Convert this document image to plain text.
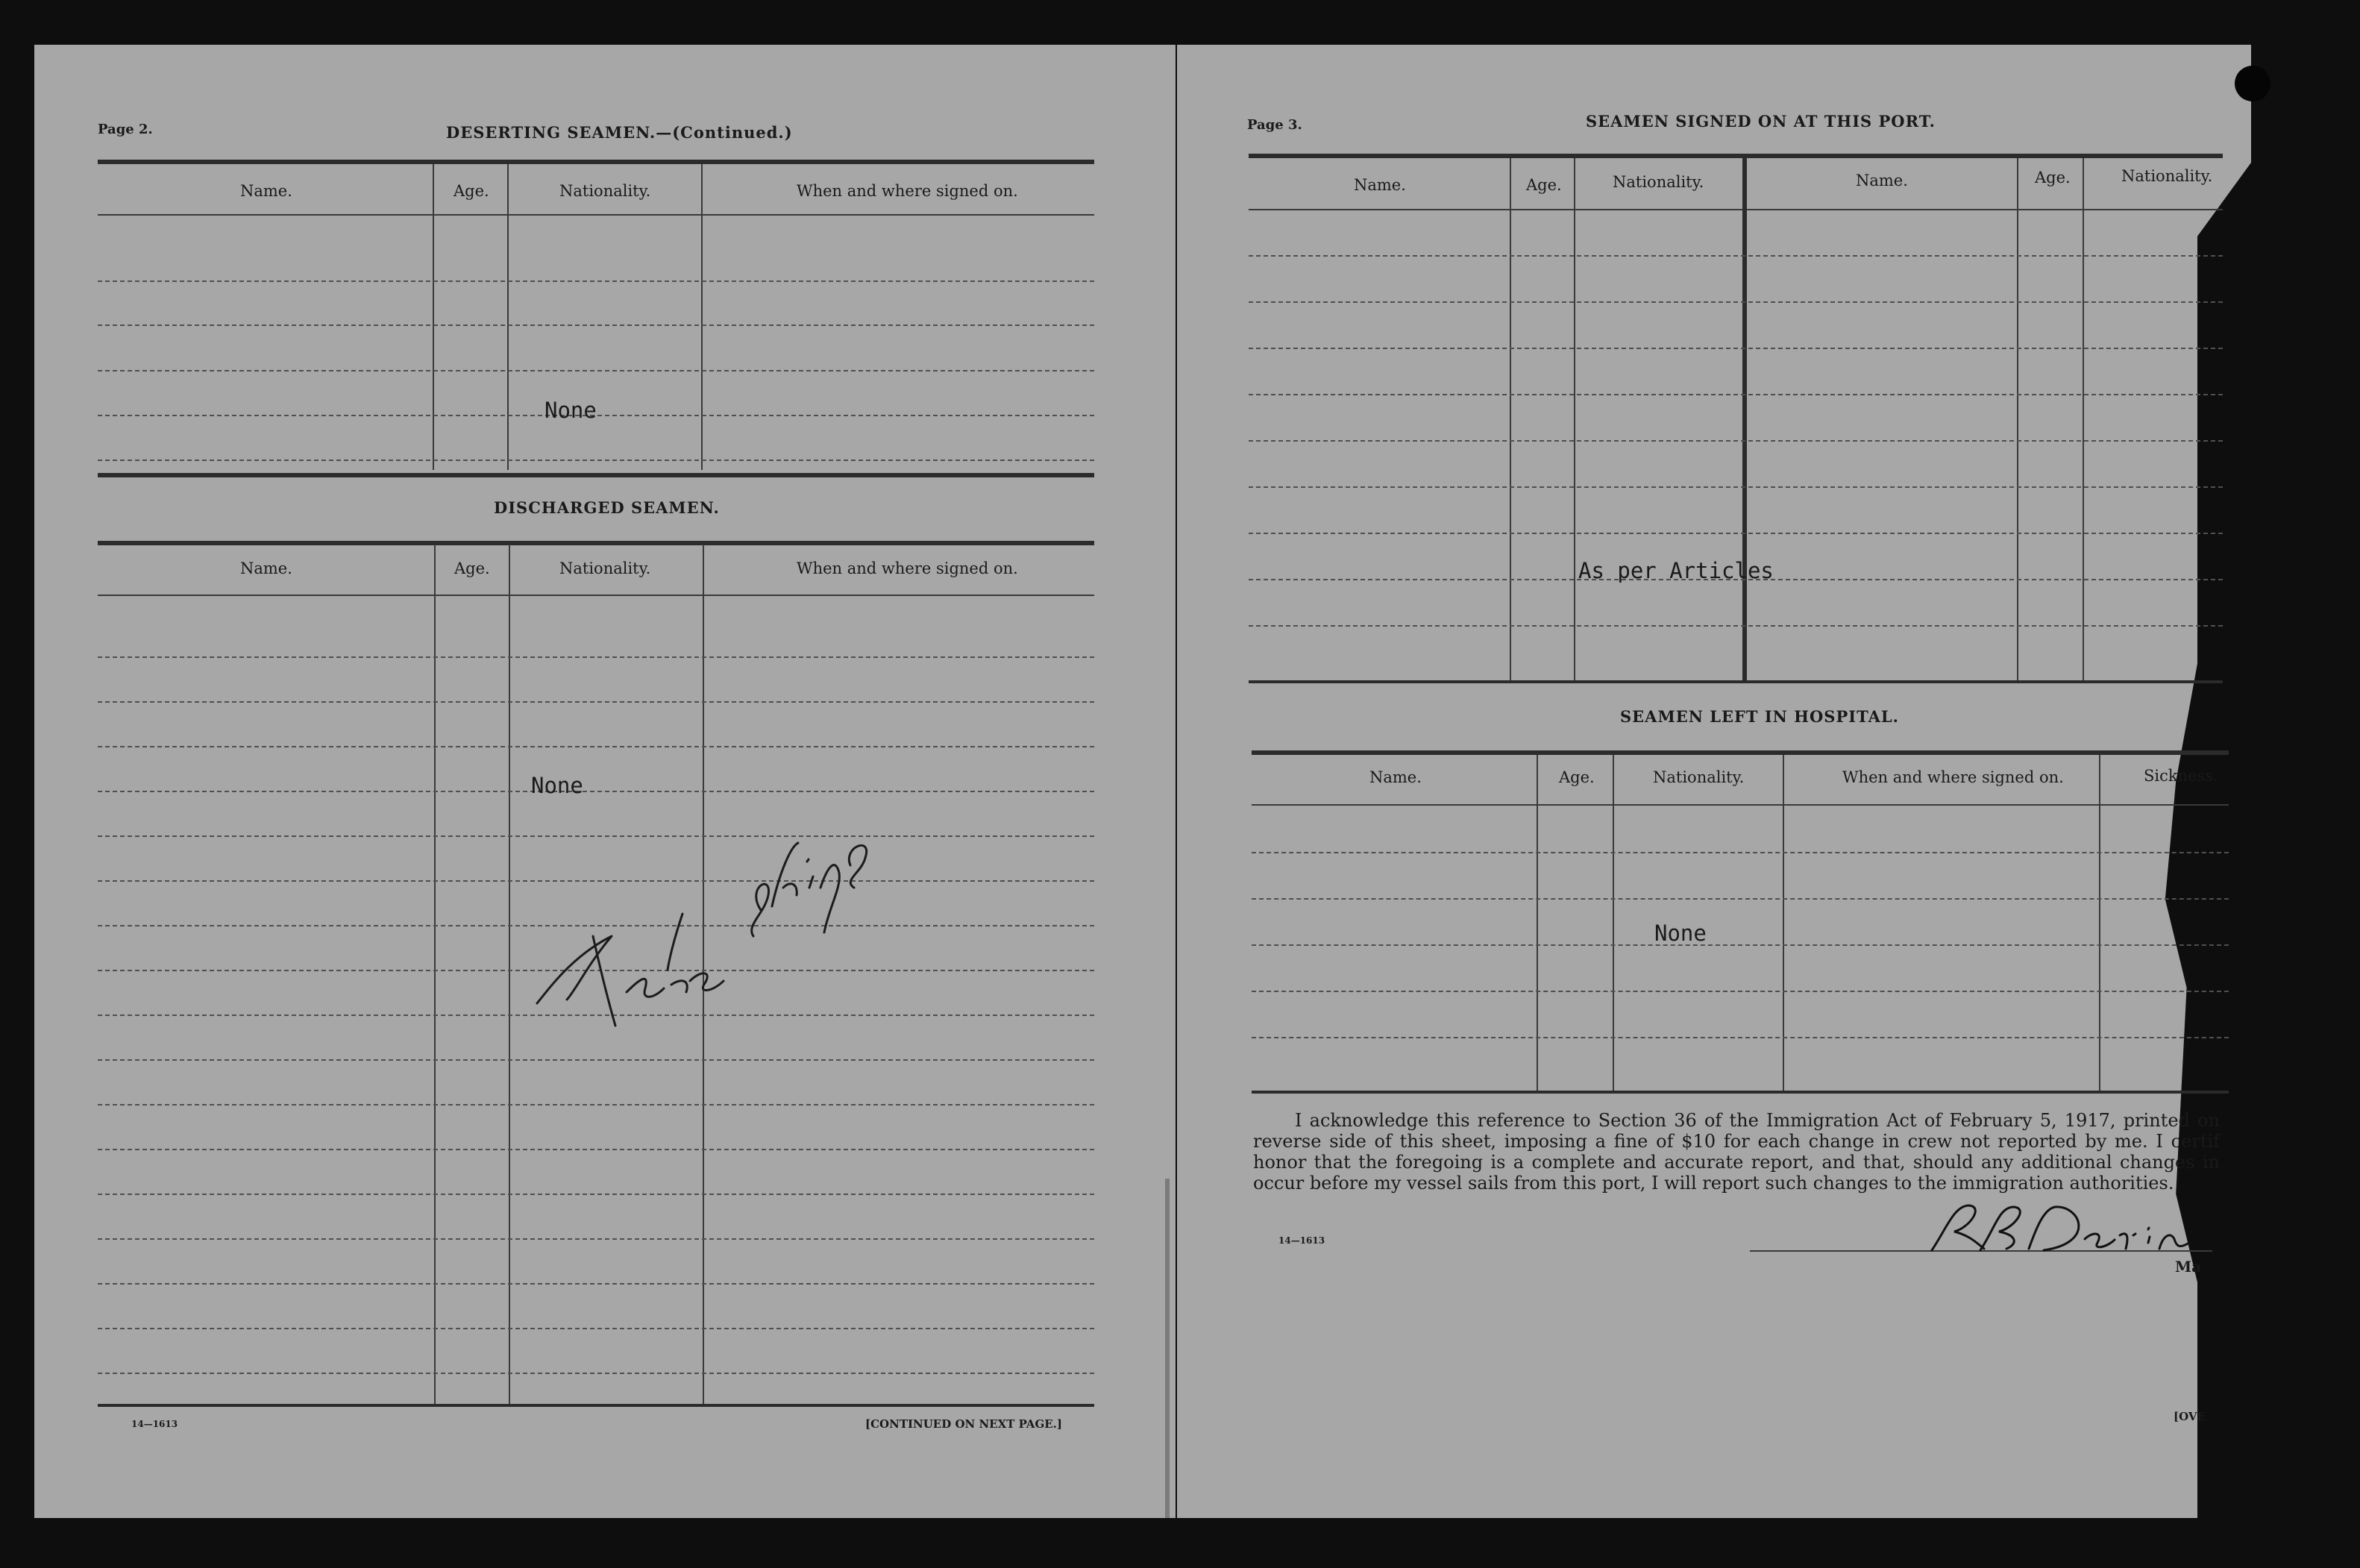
Page 2.	DESERTING SEAMEN.—(Continued.)
Name.	Age.	Nationality.	When and where signed on.
None
DISCHARGED SEAMEN.
Name.	Age.	Nationality.	When and where signed on.
None
14—1613	[CONTINUED ON NEXT PAGE.]
Page 3.	SEAMEN SIGNED ON AT THIS PORT.
Name.	Age.	Nationality.	Name.	Age.	Nationality.
As per Articles
SEAMEN LEFT IN HOSPITAL.
Name.	Age.	Nationality.	When and where signed on.	Sickness.
None
I acknowledge this reference to Section 36 of the Immigration Act of February 5, 1917, printed on reverse side of this sheet, imposing a fine of $10 for each change in crew not reported by me. I certif honor that the foregoing is a complete and accurate report, and that, should any additional changes in occur before my vessel sails from this port, I will report such changes to the immigration authorities.
14—1613
Ma
[OVE
